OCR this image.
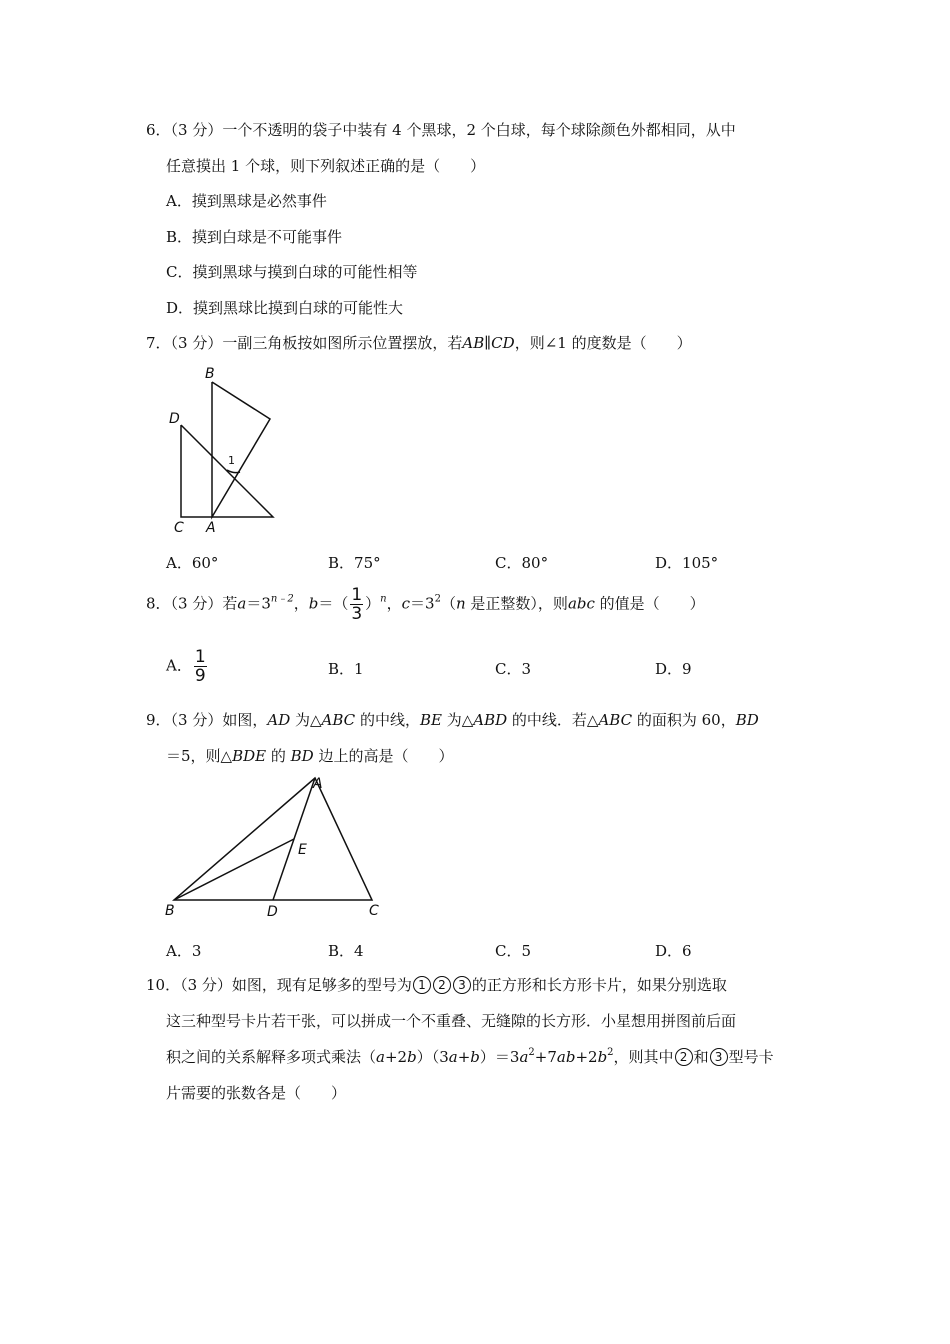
6．（3 分）一个不透明的袋子中装有 4 个黑球，2 个白球，每个球除颜色外都相同，从中
任意摸出 1 个球，则下列叙述正确的是（　　）
A．摸到黑球是必然事件
B．摸到白球是不可能事件
C．摸到黑球与摸到白球的可能性相等
D．摸到黑球比摸到白球的可能性大
7．（3 分）一副三角板按如图所示位置摆放，若AB∥CD，则∠1 的度数是（　　）
B
D
1
C A
A．60°	B．75°	C．80°	D．105°
8．（3 分）若$a=3^{n﹣2}$，$b=( \frac{1}{3} )^n$，$c=3^2(n$ 是正整数），则abc 的值是（　　）
A． $\frac{1}{9}$	B．1	C．3	D．9
9．（3 分）如图，AD 为△ABC 的中线，BE 为△ABD 的中线．若△ABC 的面积为 60，BD
＝5，则△BDE 的 BD 边上的高是（　　）
A
E
B	D	C
A．3	B．4	C．5	D．6
10．（3 分）如图，现有足够多的型号为 1 2 3 的正方形和长方形卡片，如果分别选取
这三种型号卡片若干张，可以拼成一个不重叠、无缝隙的长方形．小星想用拼图前后面
积之间的关系解释多项式乘法$(a+2b)(3a+b)=3a^2+7ab+2b^2$，则其中 2 和 3 型号卡
片需要的张数各是（　　）
